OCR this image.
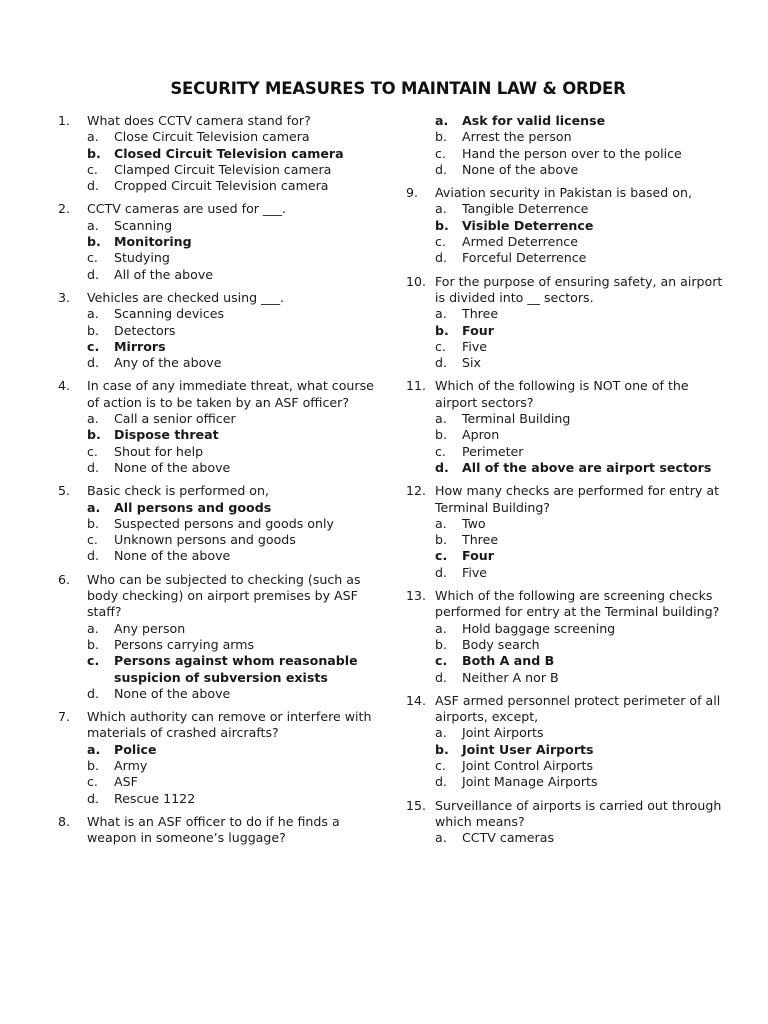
SECURITY MEASURES TO MAINTAIN LAW & ORDER
1.	What does CCTV camera stand for?
a.	Close Circuit Television camera
b.	Closed Circuit Television camera
c.	Clamped Circuit Television camera
d.	Cropped Circuit Television camera
2.	CCTV cameras are used for ___.
a.	Scanning
b.	Monitoring
c.	Studying
d.	All of the above
3.	Vehicles are checked using ___.
a.	Scanning devices
b.	Detectors
c.	Mirrors
d.	Any of the above
4.	In case of any immediate threat, what course of action is to be taken by an ASF officer?
a.	Call a senior officer
b.	Dispose threat
c.	Shout for help
d.	None of the above
5.	Basic check is performed on,
a.	All persons and goods
b.	Suspected persons and goods only
c.	Unknown persons and goods
d.	None of the above
6.	Who can be subjected to checking (such as body checking) on airport premises by ASF staff?
a.	Any person
b.	Persons carrying arms
c.	Persons against whom reasonable suspicion of subversion exists
d.	None of the above
7.	Which authority can remove or interfere with materials of crashed aircrafts?
a.	Police
b.	Army
c.	ASF
d.	Rescue 1122
8.	What is an ASF officer to do if he finds a weapon in someone’s luggage?
a.	Ask for valid license
b.	Arrest the person
c.	Hand the person over to the police
d.	None of the above
9.	Aviation security in Pakistan is based on,
a.	Tangible Deterrence
b.	Visible Deterrence
c.	Armed Deterrence
d.	Forceful Deterrence
10. For the purpose of ensuring safety, an airport is divided into __ sectors.
a.	Three
b.	Four
c.	Five
d.	Six
11. Which of the following is NOT one of the airport sectors?
a.	Terminal Building
b.	Apron
c.	Perimeter
d.	All of the above are airport sectors
12. How many checks are performed for entry at Terminal Building?
a.	Two
b.	Three
c.	Four
d.	Five
13. Which of the following are screening checks performed for entry at the Terminal building?
a.	Hold baggage screening
b.	Body search
c.	Both A and B
d.	Neither A nor B
14. ASF armed personnel protect perimeter of all airports, except,
a.	Joint Airports
b.	Joint User Airports
c.	Joint Control Airports
d.	Joint Manage Airports
15. Surveillance of airports is carried out through which means?
a.	CCTV cameras
